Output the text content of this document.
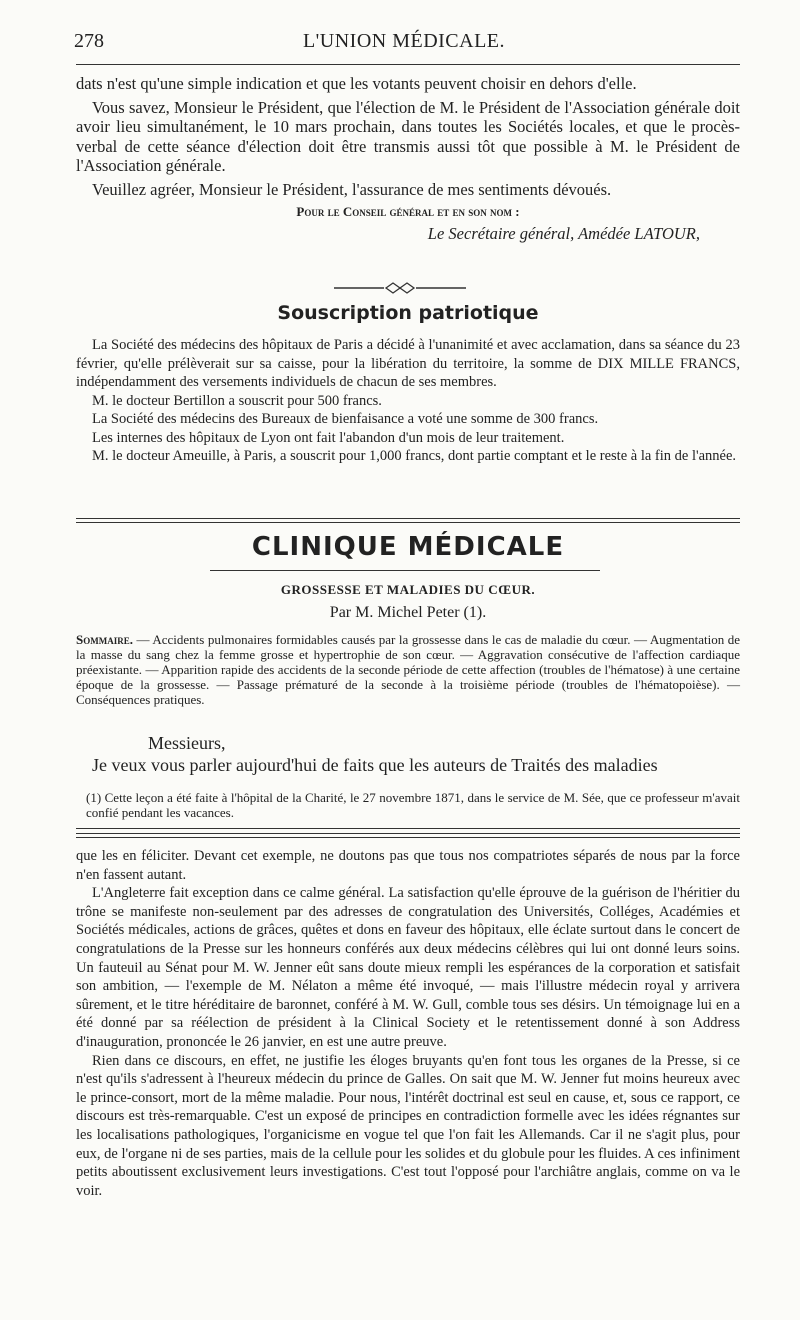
278	L'UNION MÉDICALE.

dats n'est qu'une simple indication et que les votants peuvent choisir en dehors d'elle.

Vous savez, Monsieur le Président, que l'élection de M. le Président de l'Association générale doit avoir lieu simultanément, le 10 mars prochain, dans toutes les Sociétés locales, et que le procès-verbal de cette séance d'élection doit être transmis aussi tôt que possible à M. le Président de l'Association générale.

Veuillez agréer, Monsieur le Président, l'assurance de mes sentiments dévoués.

Pour le Conseil général et en son nom :

Le Secrétaire général, Amédée LATOUR,

Souscription patriotique

La Société des médecins des hôpitaux de Paris a décidé à l'unanimité et avec acclamation, dans sa séance du 23 février, qu'elle prélèverait sur sa caisse, pour la libération du territoire, la somme de DIX MILLE FRANCS, indépendamment des versements individuels de chacun de ses membres.

M. le docteur Bertillon a souscrit pour 500 francs.

La Société des médecins des Bureaux de bienfaisance a voté une somme de 300 francs.

Les internes des hôpitaux de Lyon ont fait l'abandon d'un mois de leur traitement.

M. le docteur Ameuille, à Paris, a souscrit pour 1,000 francs, dont partie comptant et le reste à la fin de l'année.

CLINIQUE MÉDICALE
GROSSESSE ET MALADIES DU CŒUR.
Par M. Michel Peter (1).

Sommaire. — Accidents pulmonaires formidables causés par la grossesse dans le cas de maladie du cœur. — Augmentation de la masse du sang chez la femme grosse et hypertrophie de son cœur. — Aggravation consécutive de l'affection cardiaque préexistante. — Apparition rapide des accidents de la seconde période de cette affection (troubles de l'hématose) à une certaine époque de la grossesse. — Passage prématuré de la seconde à la troisième période (troubles de l'hématopoièse). — Conséquences pratiques.

Messieurs,

Je veux vous parler aujourd'hui de faits que les auteurs de Traités des maladies

(1) Cette leçon a été faite à l'hôpital de la Charité, le 27 novembre 1871, dans le service de M. Sée, que ce professeur m'avait confié pendant les vacances.

que les en féliciter. Devant cet exemple, ne doutons pas que tous nos compatriotes séparés de nous par la force n'en fassent autant.

L'Angleterre fait exception dans ce calme général. La satisfaction qu'elle éprouve de la guérison de l'héritier du trône se manifeste non-seulement par des adresses de congratulation des Universités, Colléges, Académies et Sociétés médicales, actions de grâces, quêtes et dons en faveur des hôpitaux, elle éclate surtout dans le concert de congratulations de la Presse sur les honneurs conférés aux deux médecins célèbres qui lui ont donné leurs soins. Un fauteuil au Sénat pour M. W. Jenner eût sans doute mieux rempli les espérances de la corporation et satisfait son ambition, — l'exemple de M. Nélaton a même été invoqué, — mais l'illustre médecin royal y arrivera sûrement, et le titre héréditaire de baronnet, conféré à M. W. Gull, comble tous ses désirs. Un témoignage lui en a été donné par sa réélection de président à la Clinical Society et le retentissement donné à son Address d'inauguration, prononcée le 26 janvier, en est une autre preuve.

Rien dans ce discours, en effet, ne justifie les éloges bruyants qu'en font tous les organes de la Presse, si ce n'est qu'ils s'adressent à l'heureux médecin du prince de Galles. On sait que M. W. Jenner fut moins heureux avec le prince-consort, mort de la même maladie. Pour nous, l'intérêt doctrinal est seul en cause, et, sous ce rapport, ce discours est très-remarquable. C'est un exposé de principes en contradiction formelle avec les idées régnantes sur les localisations pathologiques, l'organicisme en vogue tel que l'on fait les Allemands. Car il ne s'agit plus, pour eux, de l'organe ni de ses parties, mais de la cellule pour les solides et du globule pour les fluides. A ces infiniment petits aboutissent exclusivement leurs investigations. C'est tout l'opposé pour l'archiâtre anglais, comme on va le voir.
